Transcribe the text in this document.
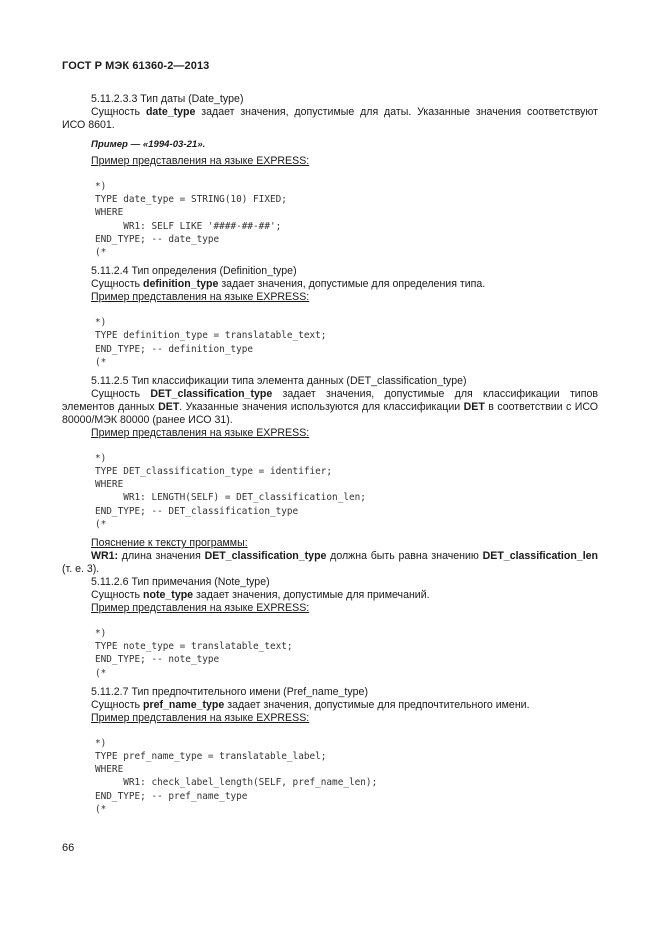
ГОСТ Р МЭК 61360-2—2013

5.11.2.3.3 Тип даты (Date_type)

Сущность date_type задает значения, допустимые для даты. Указанные значения соответствуют ИСО 8601.

Пример — «1994-03-21».

Пример представления на языке EXPRESS:

*)
TYPE date_type = STRING(10) FIXED;
WHERE
WR1: SELF LIKE '####-##-##';
END_TYPE; -- date_type
(*

5.11.2.4 Тип определения (Definition_type)

Сущность definition_type задает значения, допустимые для определения типа.

Пример представления на языке EXPRESS:

*)
TYPE definition_type = translatable_text;
END_TYPE; -- definition_type
(*

5.11.2.5 Тип классификации типа элемента данных (DET_classification_type)

Сущность DET_classification_type задает значения, допустимые для классификации типов элементов данных DET. Указанные значения используются для классификации DET в соответствии с ИСО 80000/МЭК 80000 (ранее ИСО 31).

Пример представления на языке EXPRESS:

*)
TYPE DET_classification_type = identifier;
WHERE
WR1: LENGTH(SELF) = DET_classification_len;
END_TYPE; -- DET_classification_type
(*

Пояснение к тексту программы:

WR1: длина значения DET_classification_type должна быть равна значению DET_classification_len (т. е. 3).

5.11.2.6 Тип примечания (Note_type)

Сущность note_type задает значения, допустимые для примечаний.

Пример представления на языке EXPRESS:

*)
TYPE note_type = translatable_text;
END_TYPE; -- note_type
(*

5.11.2.7 Тип предпочтительного имени (Pref_name_type)

Сущность pref_name_type задает значения, допустимые для предпочтительного имени.

Пример представления на языке EXPRESS:

*)
TYPE pref_name_type = translatable_label;
WHERE
WR1: check_label_length(SELF, pref_name_len);
END_TYPE; -- pref_name_type
(*
66
